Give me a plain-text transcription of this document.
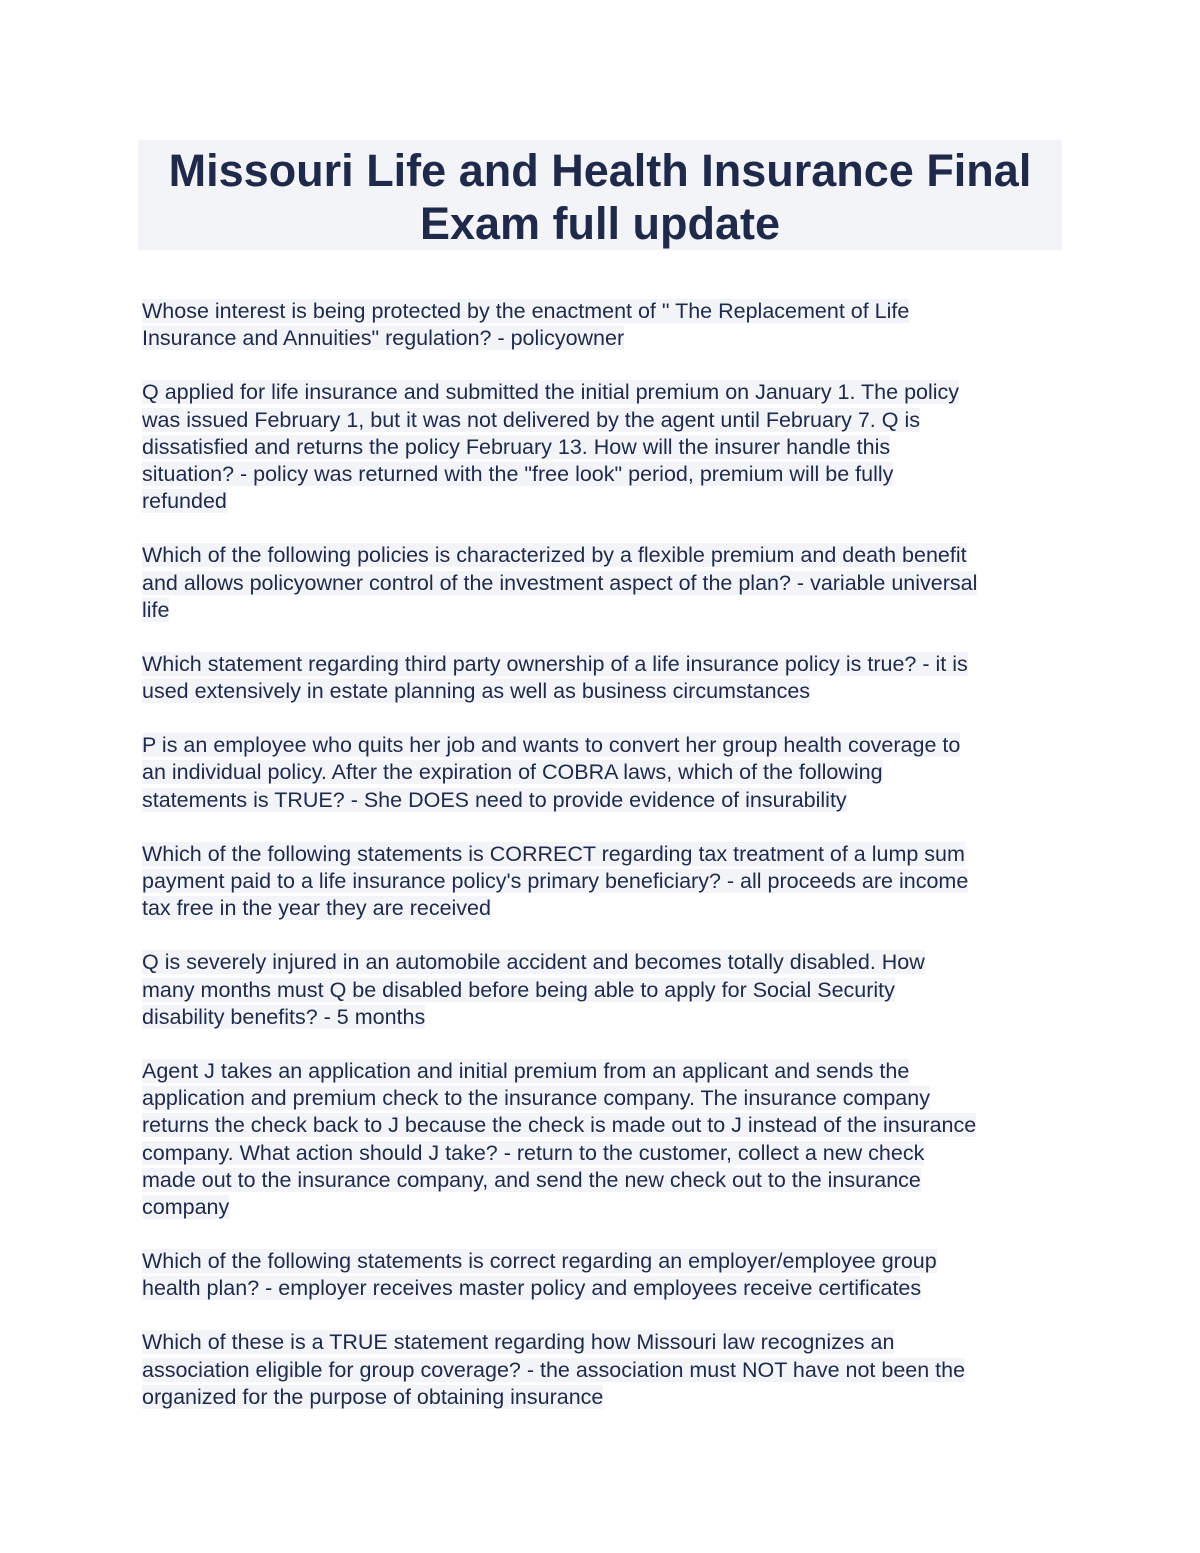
Missouri Life and Health Insurance Final
Exam full update
Whose interest is being protected by the enactment of " The Replacement of Life
Insurance and Annuities" regulation? - policyowner
Q applied for life insurance and submitted the initial premium on January 1. The policy
was issued February 1, but it was not delivered by the agent until February 7. Q is
dissatisfied and returns the policy February 13. How will the insurer handle this
situation? - policy was returned with the "free look" period, premium will be fully
refunded
Which of the following policies is characterized by a flexible premium and death benefit
and allows policyowner control of the investment aspect of the plan? - variable universal
life
Which statement regarding third party ownership of a life insurance policy is true? - it is
used extensively in estate planning as well as business circumstances
P is an employee who quits her job and wants to convert her group health coverage to
an individual policy. After the expiration of COBRA laws, which of the following
statements is TRUE? - She DOES need to provide evidence of insurability
Which of the following statements is CORRECT regarding tax treatment of a lump sum
payment paid to a life insurance policy's primary beneficiary? - all proceeds are income
tax free in the year they are received
Q is severely injured in an automobile accident and becomes totally disabled. How
many months must Q be disabled before being able to apply for Social Security
disability benefits? - 5 months
Agent J takes an application and initial premium from an applicant and sends the
application and premium check to the insurance company. The insurance company
returns the check back to J because the check is made out to J instead of the insurance
company. What action should J take? - return to the customer, collect a new check
made out to the insurance company, and send the new check out to the insurance
company
Which of the following statements is correct regarding an employer/employee group
health plan? - employer receives master policy and employees receive certificates
Which of these is a TRUE statement regarding how Missouri law recognizes an
association eligible for group coverage? - the association must NOT have not been the
organized for the purpose of obtaining insurance
